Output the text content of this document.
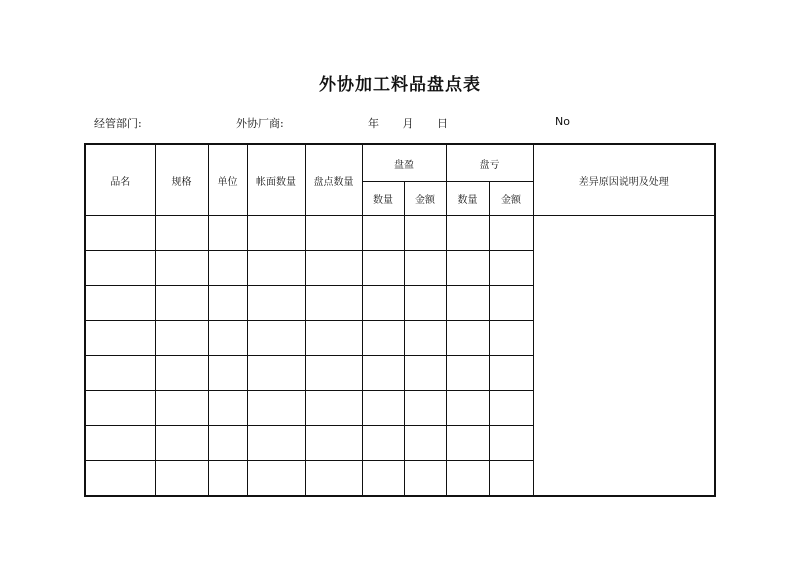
外协加工料品盘点表
经管部门:	外协厂商:	年 月 日	No
品名	规格	单位	帐面数量	盘点数量	盘盈		盘亏		差异原因说明及处理
					数量	金额	数量	金额	
